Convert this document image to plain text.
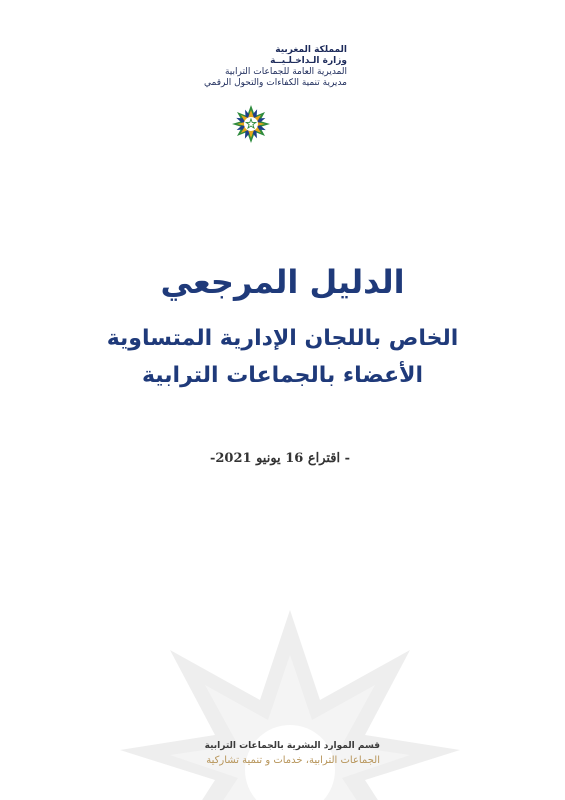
المملكة المغربية
وزارة الـداخـلـيــة
المديرية العامة للجماعات الترابية
مديرية تنمية الكفاءات والتحول الرقمي
الدليل المرجعي
الخاص باللجان الإدارية المتساوية
الأعضاء بالجماعات الترابية
- اقتراع 16 يونيو 2021-
قسم الموارد البشرية بالجماعات الترابية
الجماعات الترابية، خدمات و تنمية تشاركية
